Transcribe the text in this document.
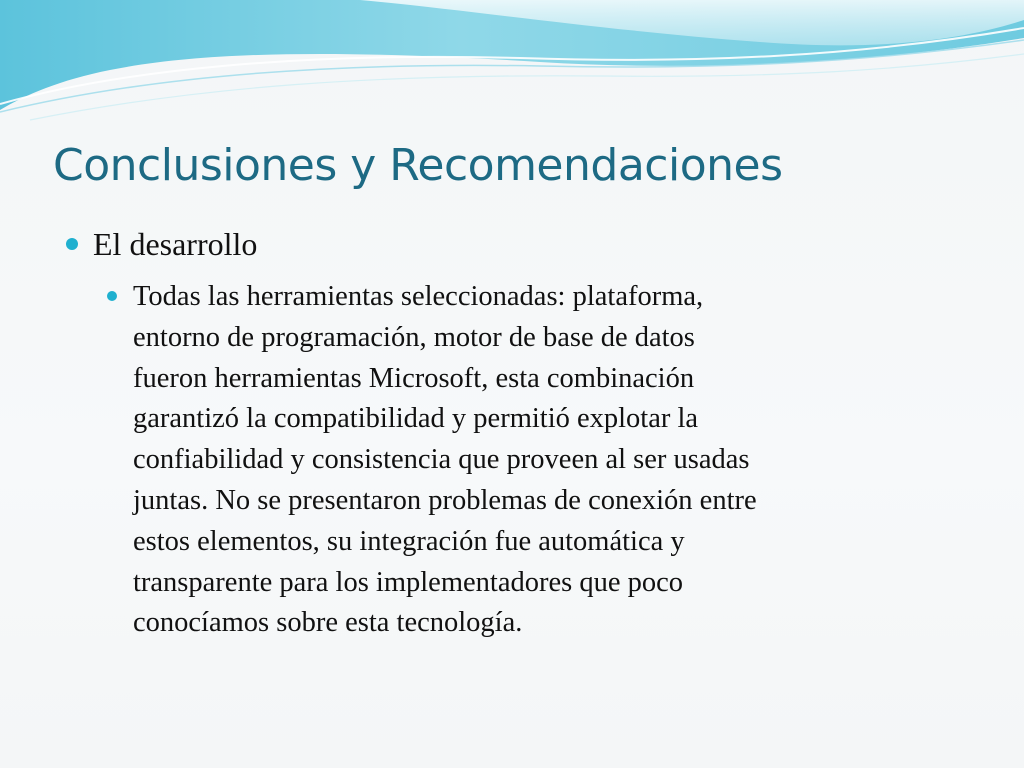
Conclusiones y Recomendaciones
El desarrollo
Todas las herramientas seleccionadas: plataforma,
entorno de programación, motor de base de datos
fueron herramientas Microsoft, esta combinación
garantizó la compatibilidad y permitió explotar la
confiabilidad y consistencia que proveen al ser usadas
juntas. No se presentaron problemas de conexión entre
estos elementos, su integración fue automática y
transparente para los implementadores que poco
conocíamos sobre esta tecnología.
